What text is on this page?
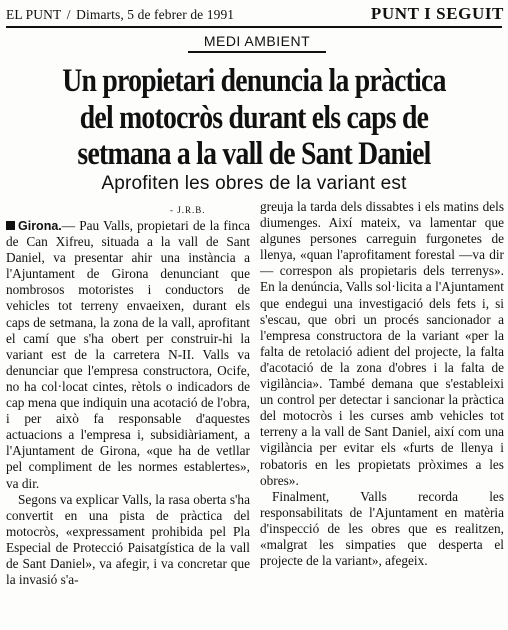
EL PUNT / Dimarts, 5 de febrer de 1991	PUNT I SEGUIT
MEDI AMBIENT
Un propietari denuncia la pràctica
del motocròs durant els caps de
setmana a la vall de Sant Daniel
Aprofiten les obres de la variant est
- J.R.B.

Girona.— Pau Valls, propietari de la finca de Can Xifreu, situada a la vall de Sant Daniel, va presentar ahir una instància a l'Ajuntament de Girona denunciant que nombrosos motoristes i conductors de vehicles tot terreny envaeixen, durant els caps de setmana, la zona de la vall, aprofitant el camí que s'ha obert per construir-hi la variant est de la carretera N-II. Valls va denunciar que l'empresa constructora, Ocife, no ha col·locat cintes, rètols o indicadors de cap mena que indiquin una acotació de l'obra, i per això fa responsable d'aquestes actuacions a l'empresa i, subsidiàriament, a l'Ajuntament de Girona, «que ha de vetllar pel compliment de les normes establertes», va dir.

Segons va explicar Valls, la rasa oberta s'ha convertit en una pista de pràctica del motocròs, «expressament prohibida pel Pla Especial de Protecció Paisatgística de la vall de Sant Daniel», va afegir, i va concretar que la invasió s'a-

greuja la tarda dels dissabtes i els matins dels diumenges. Així mateix, va lamentar que algunes persones carreguin furgonetes de llenya, «quan l'aprofitament forestal —va dir— correspon als propietaris dels terrenys». En la denúncia, Valls sol·licita a l'Ajuntament que endegui una investigació dels fets i, si s'escau, que obri un procés sancionador a l'empresa constructora de la variant «per la falta de retolació adient del projecte, la falta d'acotació de la zona d'obres i la falta de vigilància». També demana que s'estableixi un control per detectar i sancionar la pràctica del motocròs i les curses amb vehicles tot terreny a la vall de Sant Daniel, així com una vigilància per evitar els «furts de llenya i robatoris en les propietats pròximes a les obres».

Finalment, Valls recorda les responsabilitats de l'Ajuntament en matèria d'inspecció de les obres que es realitzen, «malgrat les simpaties que desperta el projecte de la variant», afegeix.
